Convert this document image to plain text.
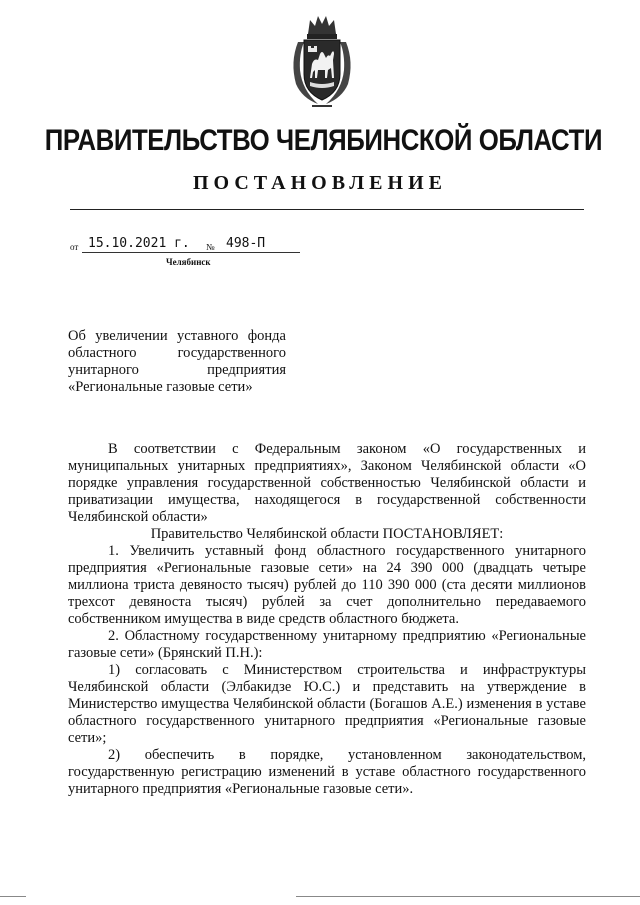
ПРАВИТЕЛЬСТВО ЧЕЛЯБИНСКОЙ ОБЛАСТИ
ПОСТАНОВЛЕНИЕ
от 15.10.2021 г. № 498-П
Челябинск
Об увеличении уставного фонда
областного государственного
унитарного предприятия
«Региональные газовые сети»

В соответствии с Федеральным законом «О государственных и муниципальных унитарных предприятиях», Законом Челябинской области «О порядке управления государственной собственностью Челябинской области и приватизации имущества, находящегося в государственной собственности Челябинской области»

Правительство Челябинской области ПОСТАНОВЛЯЕТ:

1. Увеличить уставный фонд областного государственного унитарного предприятия «Региональные газовые сети» на 24 390 000 (двадцать четыре миллиона триста девяносто тысяч) рублей до 110 390 000 (ста десяти миллионов трехсот девяноста тысяч) рублей за счет дополнительно передаваемого собственником имущества в виде средств областного бюджета.

2. Областному государственному унитарному предприятию «Региональные газовые сети» (Брянский П.Н.):

1) согласовать с Министерством строительства и инфраструктуры Челябинской области (Элбакидзе Ю.С.) и представить на утверждение в Министерство имущества Челябинской области (Богашов А.Е.) изменения в уставе областного государственного унитарного предприятия «Региональные газовые сети»;

2) обеспечить в порядке, установленном законодательством, государственную регистрацию изменений в уставе областного государственного унитарного предприятия «Региональные газовые сети».
